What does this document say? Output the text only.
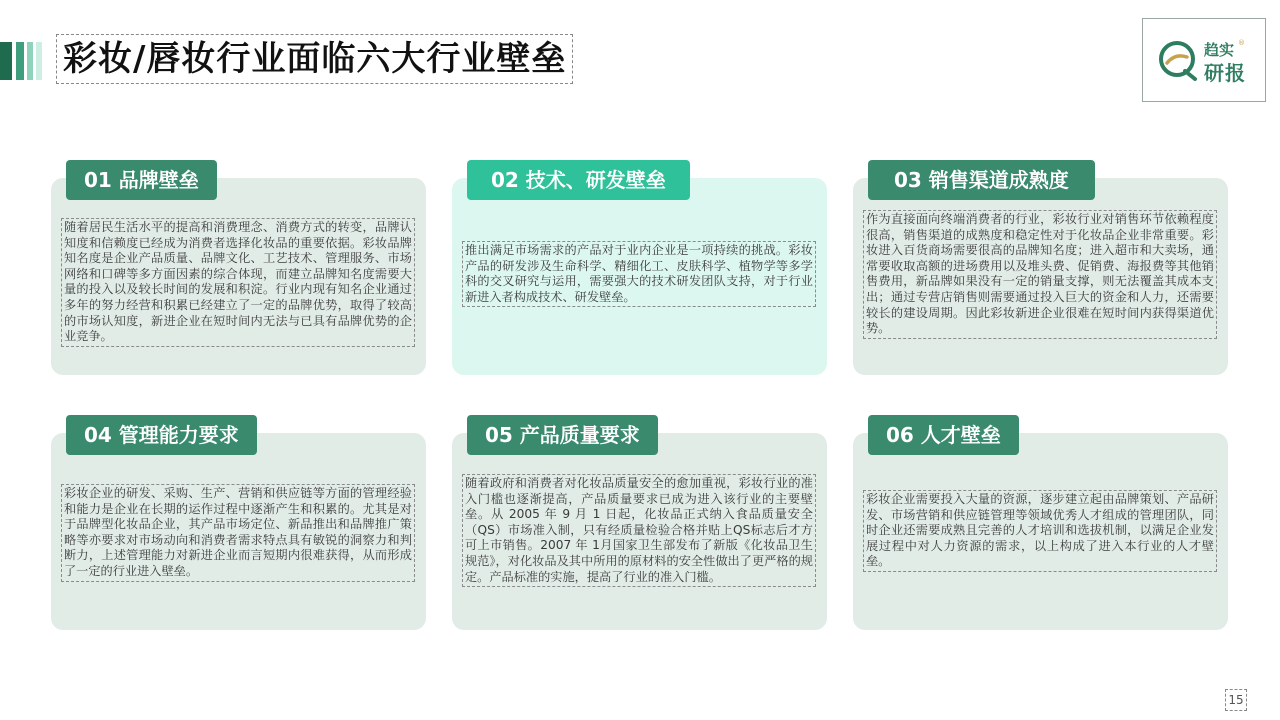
彩妆/唇妆行业面临六大行业壁垒	趋实 ®
研报
01 品牌壁垒
随着居民生活水平的提高和消费理念、消费方式的转变，品牌认知度和信赖度已经成为消费者选择化妆品的重要依据。彩妆品牌知名度是企业产品质量、品牌文化、工艺技术、管理服务、市场网络和口碑等多方面因素的综合体现，而建立品牌知名度需要大量的投入以及较长时间的发展和积淀。行业内现有知名企业通过多年的努力经营和积累已经建立了一定的品牌优势，取得了较高的市场认知度，新进企业在短时间内无法与已具有品牌优势的企业竞争。
02 技术、研发壁垒
推出满足市场需求的产品对于业内企业是一项持续的挑战。彩妆产品的研发涉及生命科学、精细化工、皮肤科学、植物学等多学科的交叉研究与运用，需要强大的技术研发团队支持，对于行业新进入者构成技术、研发壁垒。
03 销售渠道成熟度
作为直接面向终端消费者的行业，彩妆行业对销售环节依赖程度很高，销售渠道的成熟度和稳定性对于化妆品企业非常重要。彩妆进入百货商场需要很高的品牌知名度；进入超市和大卖场，通常要收取高额的进场费用以及堆头费、促销费、海报费等其他销售费用，新品牌如果没有一定的销量支撑，则无法覆盖其成本支出；通过专营店销售则需要通过投入巨大的资金和人力，还需要较长的建设周期。因此彩妆新进企业很难在短时间内获得渠道优势。
04 管理能力要求
彩妆企业的研发、采购、生产、营销和供应链等方面的管理经验和能力是企业在长期的运作过程中逐渐产生和积累的。尤其是对于品牌型化妆品企业，其产品市场定位、新品推出和品牌推广策略等亦要求对市场动向和消费者需求特点具有敏锐的洞察力和判断力，上述管理能力对新进企业而言短期内很难获得，从而形成了一定的行业进入壁垒。
05 产品质量要求
随着政府和消费者对化妆品质量安全的愈加重视，彩妆行业的准入门槛也逐渐提高，产品质量要求已成为进入该行业的主要壁垒。从 2005 年 9 月 1 日起，化妆品正式纳入食品质量安全（QS）市场准入制，只有经质量检验合格并贴上QS标志后才方可上市销售。2007 年 1月国家卫生部发布了新版《化妆品卫生规范》，对化妆品及其中所用的原材料的安全性做出了更严格的规定。产品标准的实施，提高了行业的准入门槛。
06 人才壁垒
彩妆企业需要投入大量的资源，逐步建立起由品牌策划、产品研发、市场营销和供应链管理等领域优秀人才组成的管理团队，同时企业还需要成熟且完善的人才培训和选拔机制，以满足企业发展过程中对人力资源的需求，以上构成了进入本行业的人才壁垒。
15
